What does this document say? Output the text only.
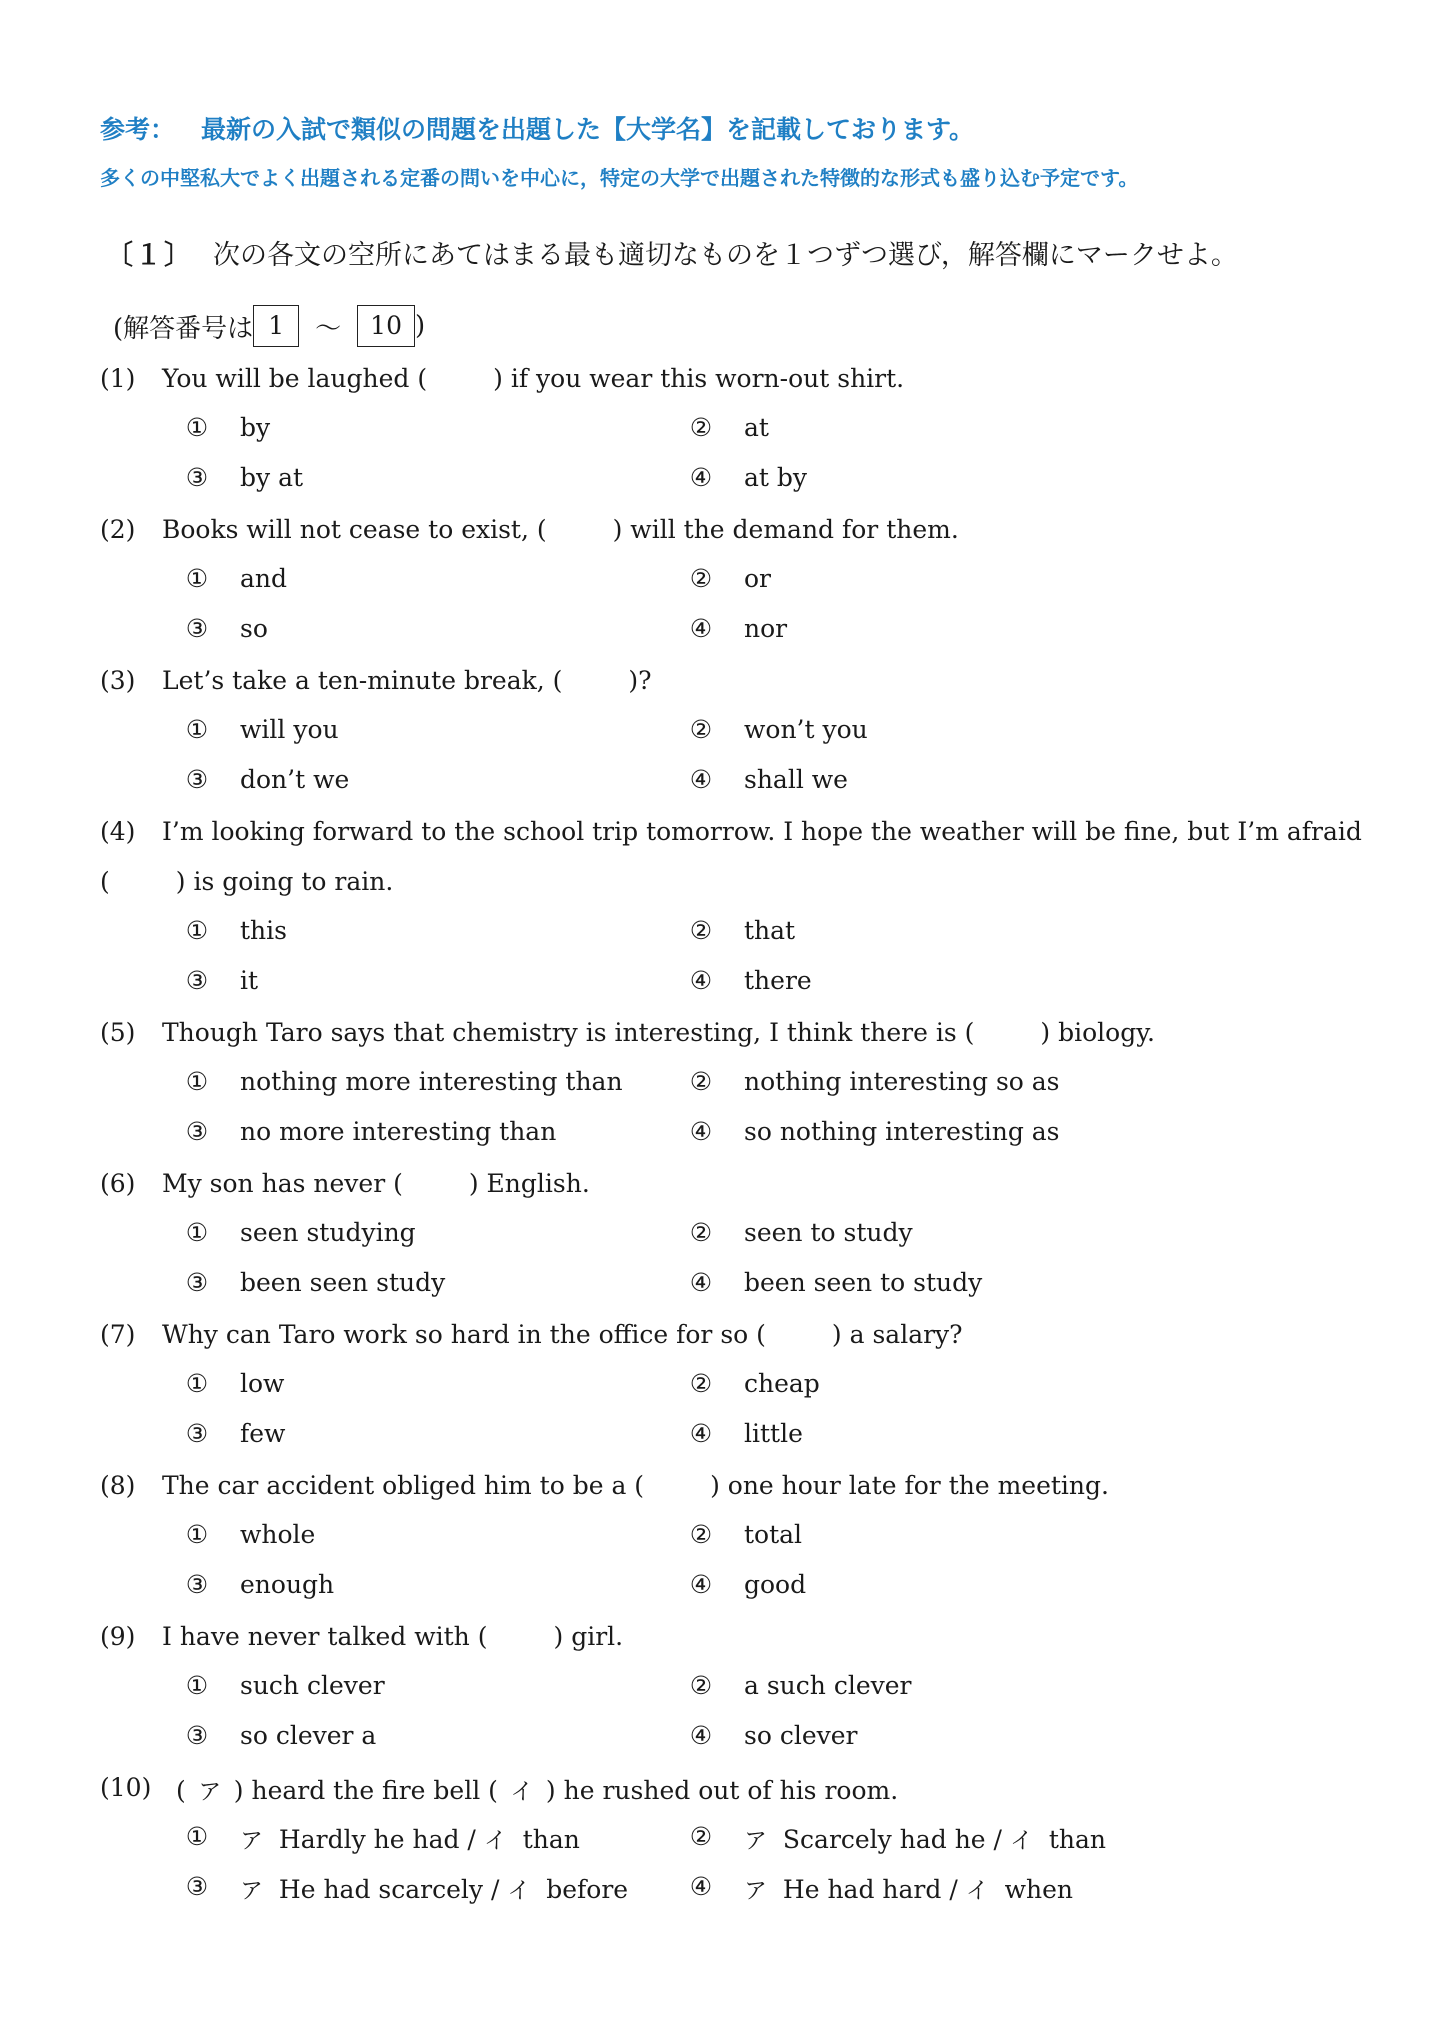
参考： 最新の入試で類似の問題を出題した【大学名】を記載しております。
多くの中堅私大でよく出題される定番の問いを中心に，特定の大学で出題された特徴的な形式も盛り込む予定です。
〔１〕 次の各文の空所にあてはまる最も適切なものを１つずつ選び，解答欄にマークせよ。
(解答番号は 1	～	10 )
(1) You will be laughed (	) if you wear this worn-out shirt.
① by	② at
③ by at	④ at by
(2) Books will not cease to exist, (	) will the demand for them.
① and	② or
③ so	④ nor
(3) Let’s take a ten-minute break, (	)?
① will you	② won’t you
③ don’t we	④ shall we
(4) I’m looking forward to the school trip tomorrow. I hope the weather will be fine, but I’m afraid
(	) is going to rain.
① this	② that
③ it	④ there
(5) Though Taro says that chemistry is interesting, I think there is (	) biology.
① nothing more interesting than	② nothing interesting so as
③ no more interesting than	④ so nothing interesting as
(6) My son has never (	) English.
① seen studying	② seen to study
③ been seen study	④ been seen to study
(7) Why can Taro work so hard in the office for so (	) a salary?
① low	② cheap
③ few	④ little
(8) The car accident obliged him to be a (	) one hour late for the meeting.
① whole	② total
③ enough	④ good
(9) I have never talked with (	) girl.
① such clever	② a such clever
③ so clever a	④ so clever
(10) ( ア ) heard the fire bell ( イ ) he rushed out of his room.
① ア Hardly he had / イ than	② ア Scarcely had he / イ than
③ ア He had scarcely / イ before ④ ア He had hard / イ when
